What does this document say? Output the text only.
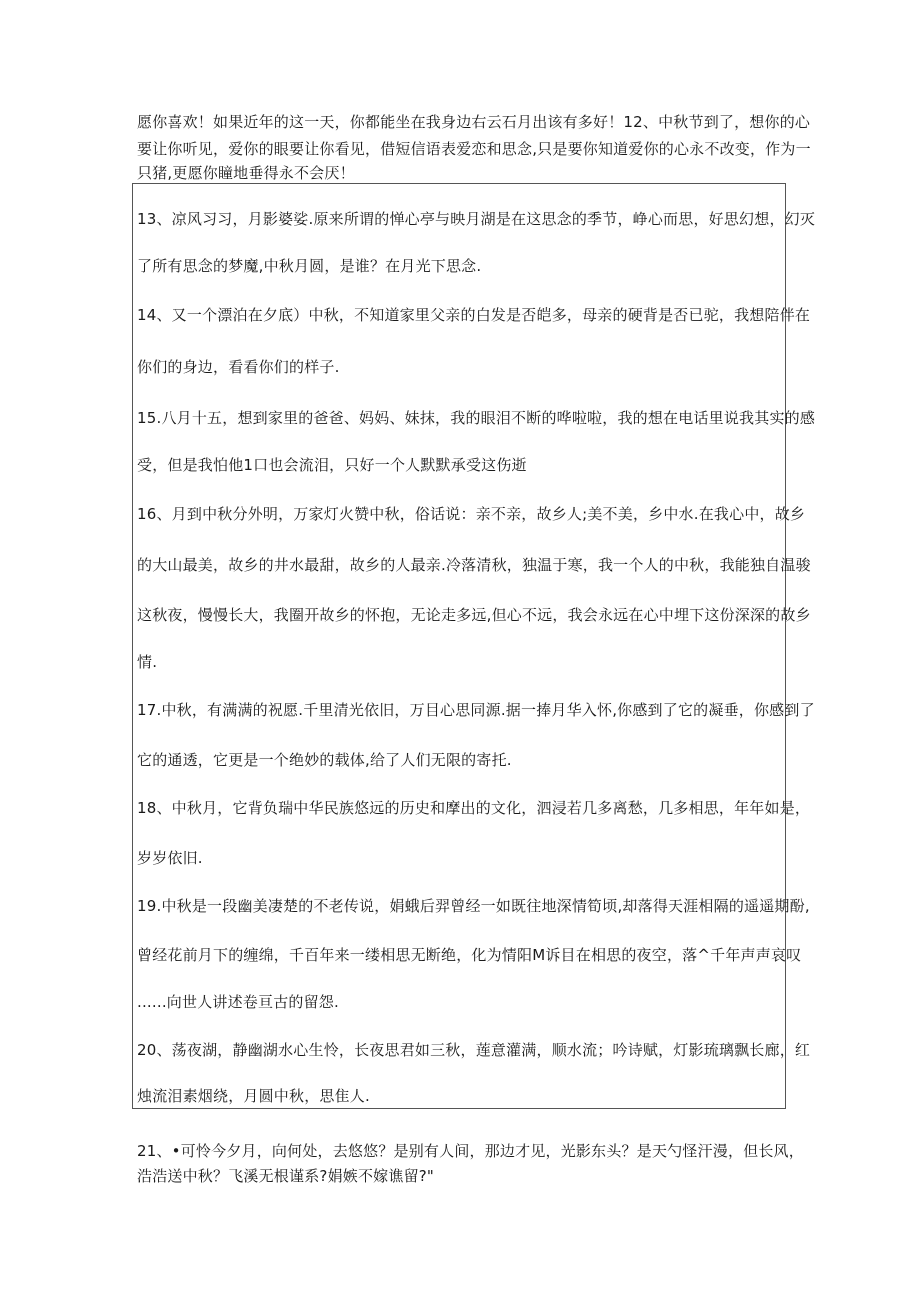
愿你喜欢！如果近年的这一天，你都能坐在我身边右云石月出该有多好！12、中秋节到了，想你的心
要让你听见，爱你的眼要让你看见，借短信语表爱恋和思念,只是要你知道爱你的心永不改变，作为一
只猪,更愿你瞳地垂得永不会厌！
13、凉风习习，月影婆娑.原来所谓的惮心亭与映月湖是在这思念的季节，峥心而思，好思幻想，幻灭
了所有思念的梦魔,中秋月圆，是谁？在月光下思念.
14、又一个漂泊在夕底）中秋，不知道家里父亲的白发是否皑多，母亲的硬背是否已驼，我想陪伴在
你们的身边，看看你们的样子.
15.八月十五，想到家里的爸爸、妈妈、妹抹，我的眼泪不断的哗啦啦，我的想在电话里说我其实的感
受，但是我怕他1口也会流泪，只好一个人默默承受这伤逝
16、月到中秋分外明，万家灯火赞中秋，俗话说：亲不亲，故乡人;美不美，乡中水.在我心中，故乡
的大山最美，故乡的井水最甜，故乡的人最亲.冷落清秋，独温于寒，我一个人的中秋，我能独自温骏
这秋夜，慢慢长大，我圈开故乡的怀抱，无论走多远,但心不远，我会永远在心中埋下这份深深的故乡
情.
17.中秋，有满满的祝愿.千里清光依旧，万目心思同源.据一捧月华入怀,你感到了它的凝垂，你感到了
它的通透，它更是一个绝妙的载体,给了人们无限的寄托.
18、中秋月，它背负瑞中华民族悠远的历史和摩出的文化，泗浸若几多离愁，几多相思，年年如是，
岁岁依旧.
19.中秋是一段幽美凄楚的不老传说，娟蛾后羿曾经一如既往地深情筍顷,却落得天涯相隔的遥遥期酚,
曾经花前月下的缠绵，千百年来一缕相思无断绝，化为情阳M诉目在相思的夜空，落^千年声声哀叹
......向世人讲述卷亘古的留怨.
20、荡夜湖，静幽湖水心生怜，长夜思君如三秋，莲意灌满，顺水流；吟诗赋，灯影琉璃飘长廊，红
烛流泪素烟绕，月圆中秋，思隹人.
21、•可怜今夕月，向何处，去悠悠？是别有人间，那边才见，光影东头？是天勺怪汗漫，但长风，
浩浩送中秋？飞溪无根谨系?娟嫉不嫁谯留?"
